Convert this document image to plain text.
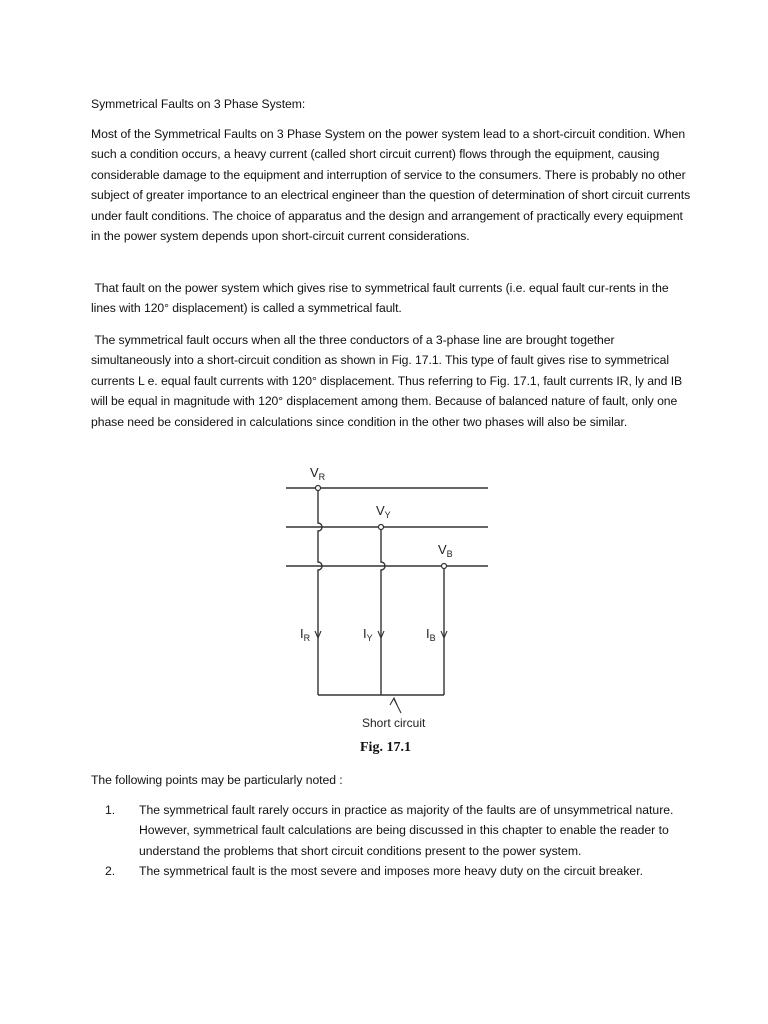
Symmetrical Faults on 3 Phase System:

Most of the Symmetrical Faults on 3 Phase System on the power system lead to a short-circuit condition. When such a condition occurs, a heavy current (called short circuit current) flows through the equipment, causing considerable damage to the equipment and interruption of service to the consumers. There is probably no other subject of greater importance to an electrical engineer than the question of determination of short circuit currents under fault conditions. The choice of apparatus and the design and arrangement of practically every equipment in the power system depends upon short-circuit current considerations.

That fault on the power system which gives rise to symmetrical fault currents (i.e. equal fault cur-rents in the lines with 120° displacement) is called a symmetrical fault.

The symmetrical fault occurs when all the three conductors of a 3-phase line are brought together simultaneously into a short-circuit condition as shown in Fig. 17.1. This type of fault gives rise to symmetrical currents L e. equal fault currents with 120° displacement. Thus referring to Fig. 17.1, fault currents IR, ly and IB will be equal in magnitude with 120° displacement among them. Because of balanced nature of fault, only one phase need be considered in calculations since condition in the other two phases will also be similar.

$V_R$
$V_Y$
$V_B$
$I_R$	$I_Y$	$I_B$
Short circuit
Fig. 17.1

The following points may be particularly noted :

1. The symmetrical fault rarely occurs in practice as majority of the faults are of unsymmetrical nature. However, symmetrical fault calculations are being discussed in this chapter to enable the reader to understand the problems that short circuit conditions present to the power system.
2. The symmetrical fault is the most severe and imposes more heavy duty on the circuit breaker.
